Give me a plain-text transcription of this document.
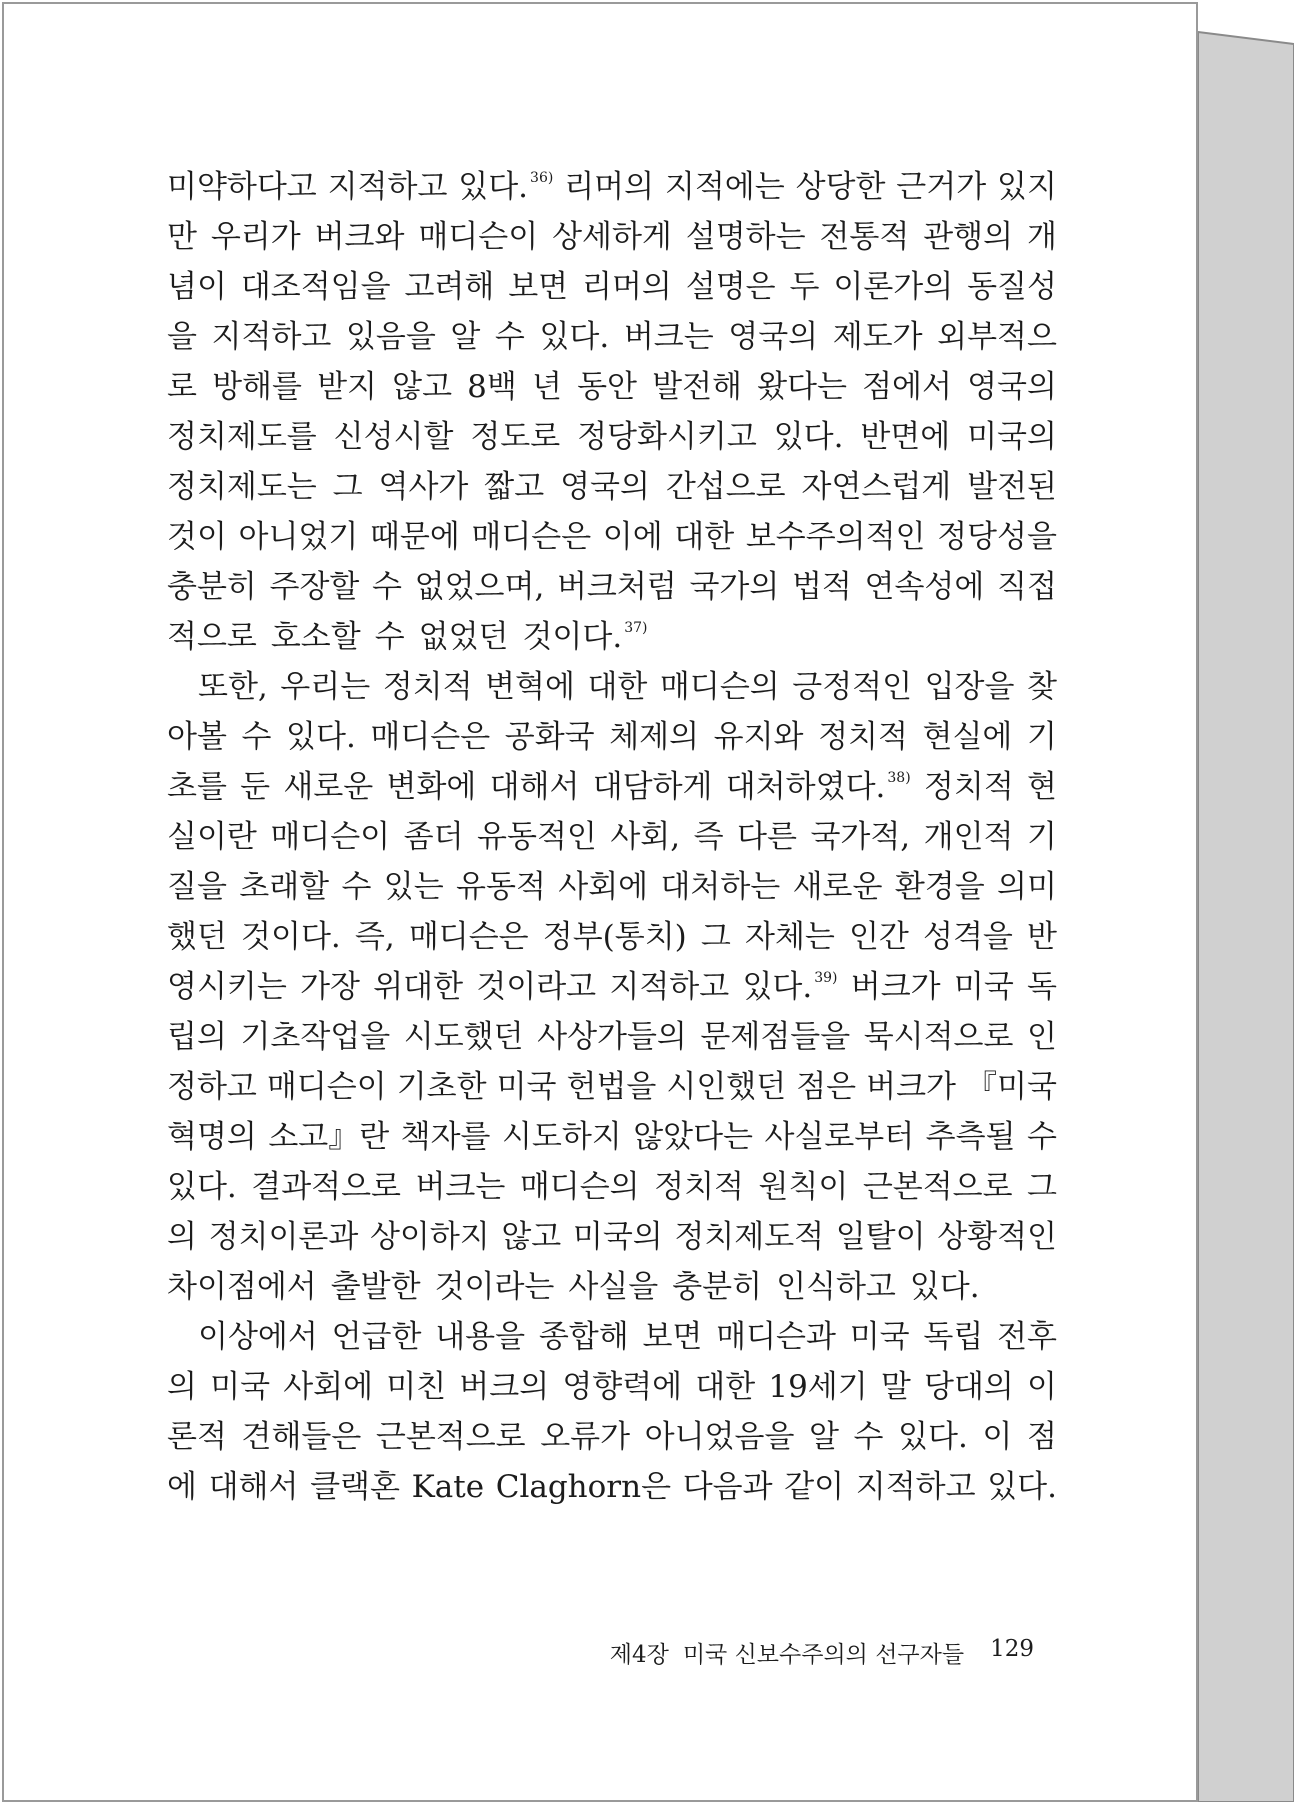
미약하다고 지적하고 있다. $^{36)}$ 리머의 지적에는 상당한 근거가 있지
만 우리가 버크와 매디슨이 상세하게 설명하는 전통적 관행의 개
념이 대조적임을 고려해 보면 리머의 설명은 두 이론가의 동질성
을 지적하고 있음을 알 수 있다. 버크는 영국의 제도가 외부적으
로 방해를 받지 않고 8백 년 동안 발전해 왔다는 점에서 영국의
정치제도를 신성시할 정도로 정당화시키고 있다. 반면에 미국의
정치제도는 그 역사가 짧고 영국의 간섭으로 자연스럽게 발전된
것이 아니었기 때문에 매디슨은 이에 대한 보수주의적인 정당성을
충분히 주장할 수 없었으며, 버크처럼 국가의 법적 연속성에 직접
적으로 호소할 수 없었던 것이다. $^{37)}$
또한, 우리는 정치적 변혁에 대한 매디슨의 긍정적인 입장을 찾
아볼 수 있다. 매디슨은 공화국 체제의 유지와 정치적 현실에 기
초를 둔 새로운 변화에 대해서 대담하게 대처하였다. $^{38)}$ 정치적 현
실이란 매디슨이 좀더 유동적인 사회, 즉 다른 국가적, 개인적 기
질을 초래할 수 있는 유동적 사회에 대처하는 새로운 환경을 의미
했던 것이다. 즉, 매디슨은 정부(통치) 그 자체는 인간 성격을 반
영시키는 가장 위대한 것이라고 지적하고 있다. $^{39)}$ 버크가 미국 독
립의 기초작업을 시도했던 사상가들의 문제점들을 묵시적으로 인
정하고 매디슨이 기초한 미국 헌법을 시인했던 점은 버크가 『미국
혁명의 소고』란 책자를 시도하지 않았다는 사실로부터 추측될 수
있다. 결과적으로 버크는 매디슨의 정치적 원칙이 근본적으로 그
의 정치이론과 상이하지 않고 미국의 정치제도적 일탈이 상황적인
차이점에서 출발한 것이라는 사실을 충분히 인식하고 있다.
이상에서 언급한 내용을 종합해 보면 매디슨과 미국 독립 전후
의 미국 사회에 미친 버크의 영향력에 대한 19세기 말 당대의 이
론적 견해들은 근본적으로 오류가 아니었음을 알 수 있다. 이 점
에 대해서 클랙혼 Kate Claghorn은 다음과 같이 지적하고 있다.
제4장 미국 신보수주의의 선구자들 129
